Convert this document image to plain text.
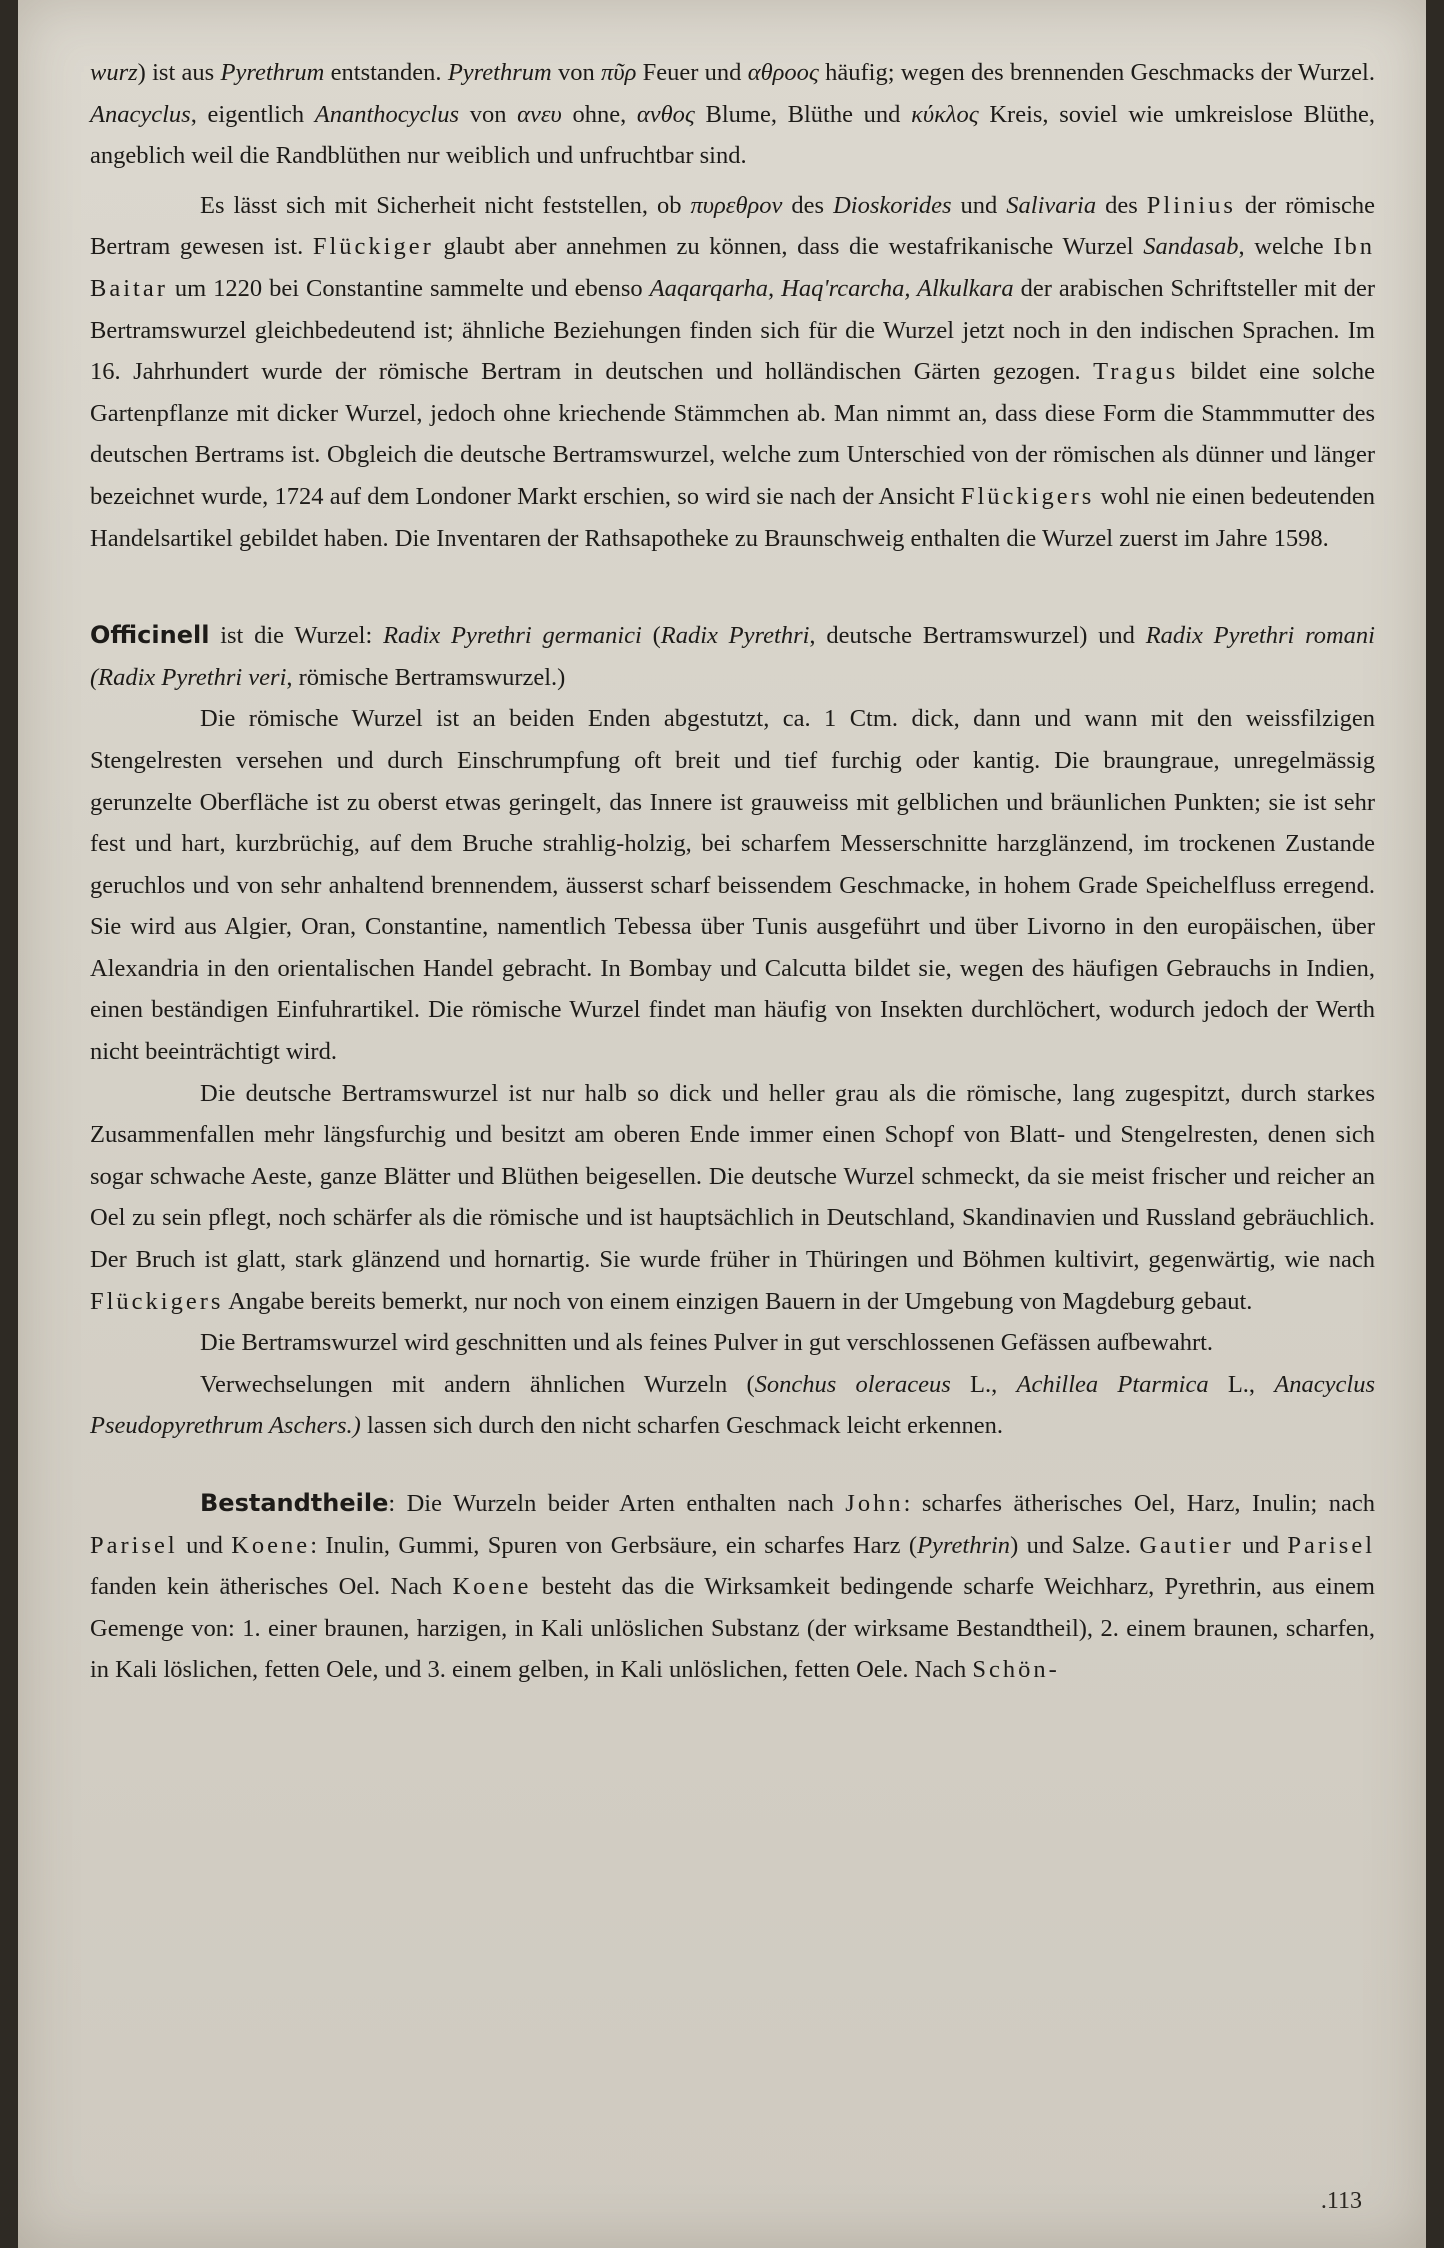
wurz) ist aus Pyrethrum entstanden. Pyrethrum von πῦρ Feuer und αθροος häufig; wegen des brennenden Geschmacks der Wurzel. Anacyclus, eigentlich Ananthocyclus von ανευ ohne, ανθος Blume, Blüthe und κύκλος Kreis, soviel wie umkreislose Blüthe, angeblich weil die Randblüthen nur weiblich und unfruchtbar sind.

Es lässt sich mit Sicherheit nicht feststellen, ob πυρεθρον des Dioskorides und Salivaria des Plinius der römische Bertram gewesen ist. Flückiger glaubt aber annehmen zu können, dass die westafrikanische Wurzel Sandasab, welche Ibn Baitar um 1220 bei Constantine sammelte und ebenso Aaqarqarha, Haq'rcarcha, Alkulkara der arabischen Schriftsteller mit der Bertramswurzel gleichbedeutend ist; ähnliche Beziehungen finden sich für die Wurzel jetzt noch in den indischen Sprachen. Im 16. Jahrhundert wurde der römische Bertram in deutschen und holländischen Gärten gezogen. Tragus bildet eine solche Gartenpflanze mit dicker Wurzel, jedoch ohne kriechende Stämmchen ab. Man nimmt an, dass diese Form die Stammmutter des deutschen Bertrams ist. Obgleich die deutsche Bertramswurzel, welche zum Unterschied von der römischen als dünner und länger bezeichnet wurde, 1724 auf dem Londoner Markt erschien, so wird sie nach der Ansicht Flückigers wohl nie einen bedeutenden Handelsartikel gebildet haben. Die Inventaren der Rathsapotheke zu Braunschweig enthalten die Wurzel zuerst im Jahre 1598.

Officinell ist die Wurzel: Radix Pyrethri germanici (Radix Pyrethri, deutsche Bertramswurzel) und Radix Pyrethri romani (Radix Pyrethri veri, römische Bertramswurzel.)

Die römische Wurzel ist an beiden Enden abgestutzt, ca. 1 Ctm. dick, dann und wann mit den weissfilzigen Stengelresten versehen und durch Einschrumpfung oft breit und tief furchig oder kantig. Die braungraue, unregelmässig gerunzelte Oberfläche ist zu oberst etwas geringelt, das Innere ist grauweiss mit gelblichen und bräunlichen Punkten; sie ist sehr fest und hart, kurzbrüchig, auf dem Bruche strahlig-holzig, bei scharfem Messerschnitte harzglänzend, im trockenen Zustande geruchlos und von sehr anhaltend brennendem, äusserst scharf beissendem Geschmacke, in hohem Grade Speichelfluss erregend. Sie wird aus Algier, Oran, Constantine, namentlich Tebessa über Tunis ausgeführt und über Livorno in den europäischen, über Alexandria in den orientalischen Handel gebracht. In Bombay und Calcutta bildet sie, wegen des häufigen Gebrauchs in Indien, einen beständigen Einfuhrartikel. Die römische Wurzel findet man häufig von Insekten durchlöchert, wodurch jedoch der Werth nicht beeinträchtigt wird.

Die deutsche Bertramswurzel ist nur halb so dick und heller grau als die römische, lang zugespitzt, durch starkes Zusammenfallen mehr längsfurchig und besitzt am oberen Ende immer einen Schopf von Blatt- und Stengelresten, denen sich sogar schwache Aeste, ganze Blätter und Blüthen beigesellen. Die deutsche Wurzel schmeckt, da sie meist frischer und reicher an Oel zu sein pflegt, noch schärfer als die römische und ist hauptsächlich in Deutschland, Skandinavien und Russland gebräuchlich. Der Bruch ist glatt, stark glänzend und hornartig. Sie wurde früher in Thüringen und Böhmen kultivirt, gegenwärtig, wie nach Flückigers Angabe bereits bemerkt, nur noch von einem einzigen Bauern in der Umgebung von Magdeburg gebaut.

Die Bertramswurzel wird geschnitten und als feines Pulver in gut verschlossenen Gefässen aufbewahrt.

Verwechselungen mit andern ähnlichen Wurzeln (Sonchus oleraceus L., Achillea Ptarmica L., Anacyclus Pseudopyrethrum Aschers.) lassen sich durch den nicht scharfen Geschmack leicht erkennen.

Bestandtheile: Die Wurzeln beider Arten enthalten nach John: scharfes ätherisches Oel, Harz, Inulin; nach Parisel und Koene: Inulin, Gummi, Spuren von Gerbsäure, ein scharfes Harz (Pyrethrin) und Salze. Gautier und Parisel fanden kein ätherisches Oel. Nach Koene besteht das die Wirksamkeit bedingende scharfe Weichharz, Pyrethrin, aus einem Gemenge von: 1. einer braunen, harzigen, in Kali unlöslichen Substanz (der wirksame Bestandtheil), 2. einem braunen, scharfen, in Kali löslichen, fetten Oele, und 3. einem gelben, in Kali unlöslichen, fetten Oele. Nach Schön-

.113
